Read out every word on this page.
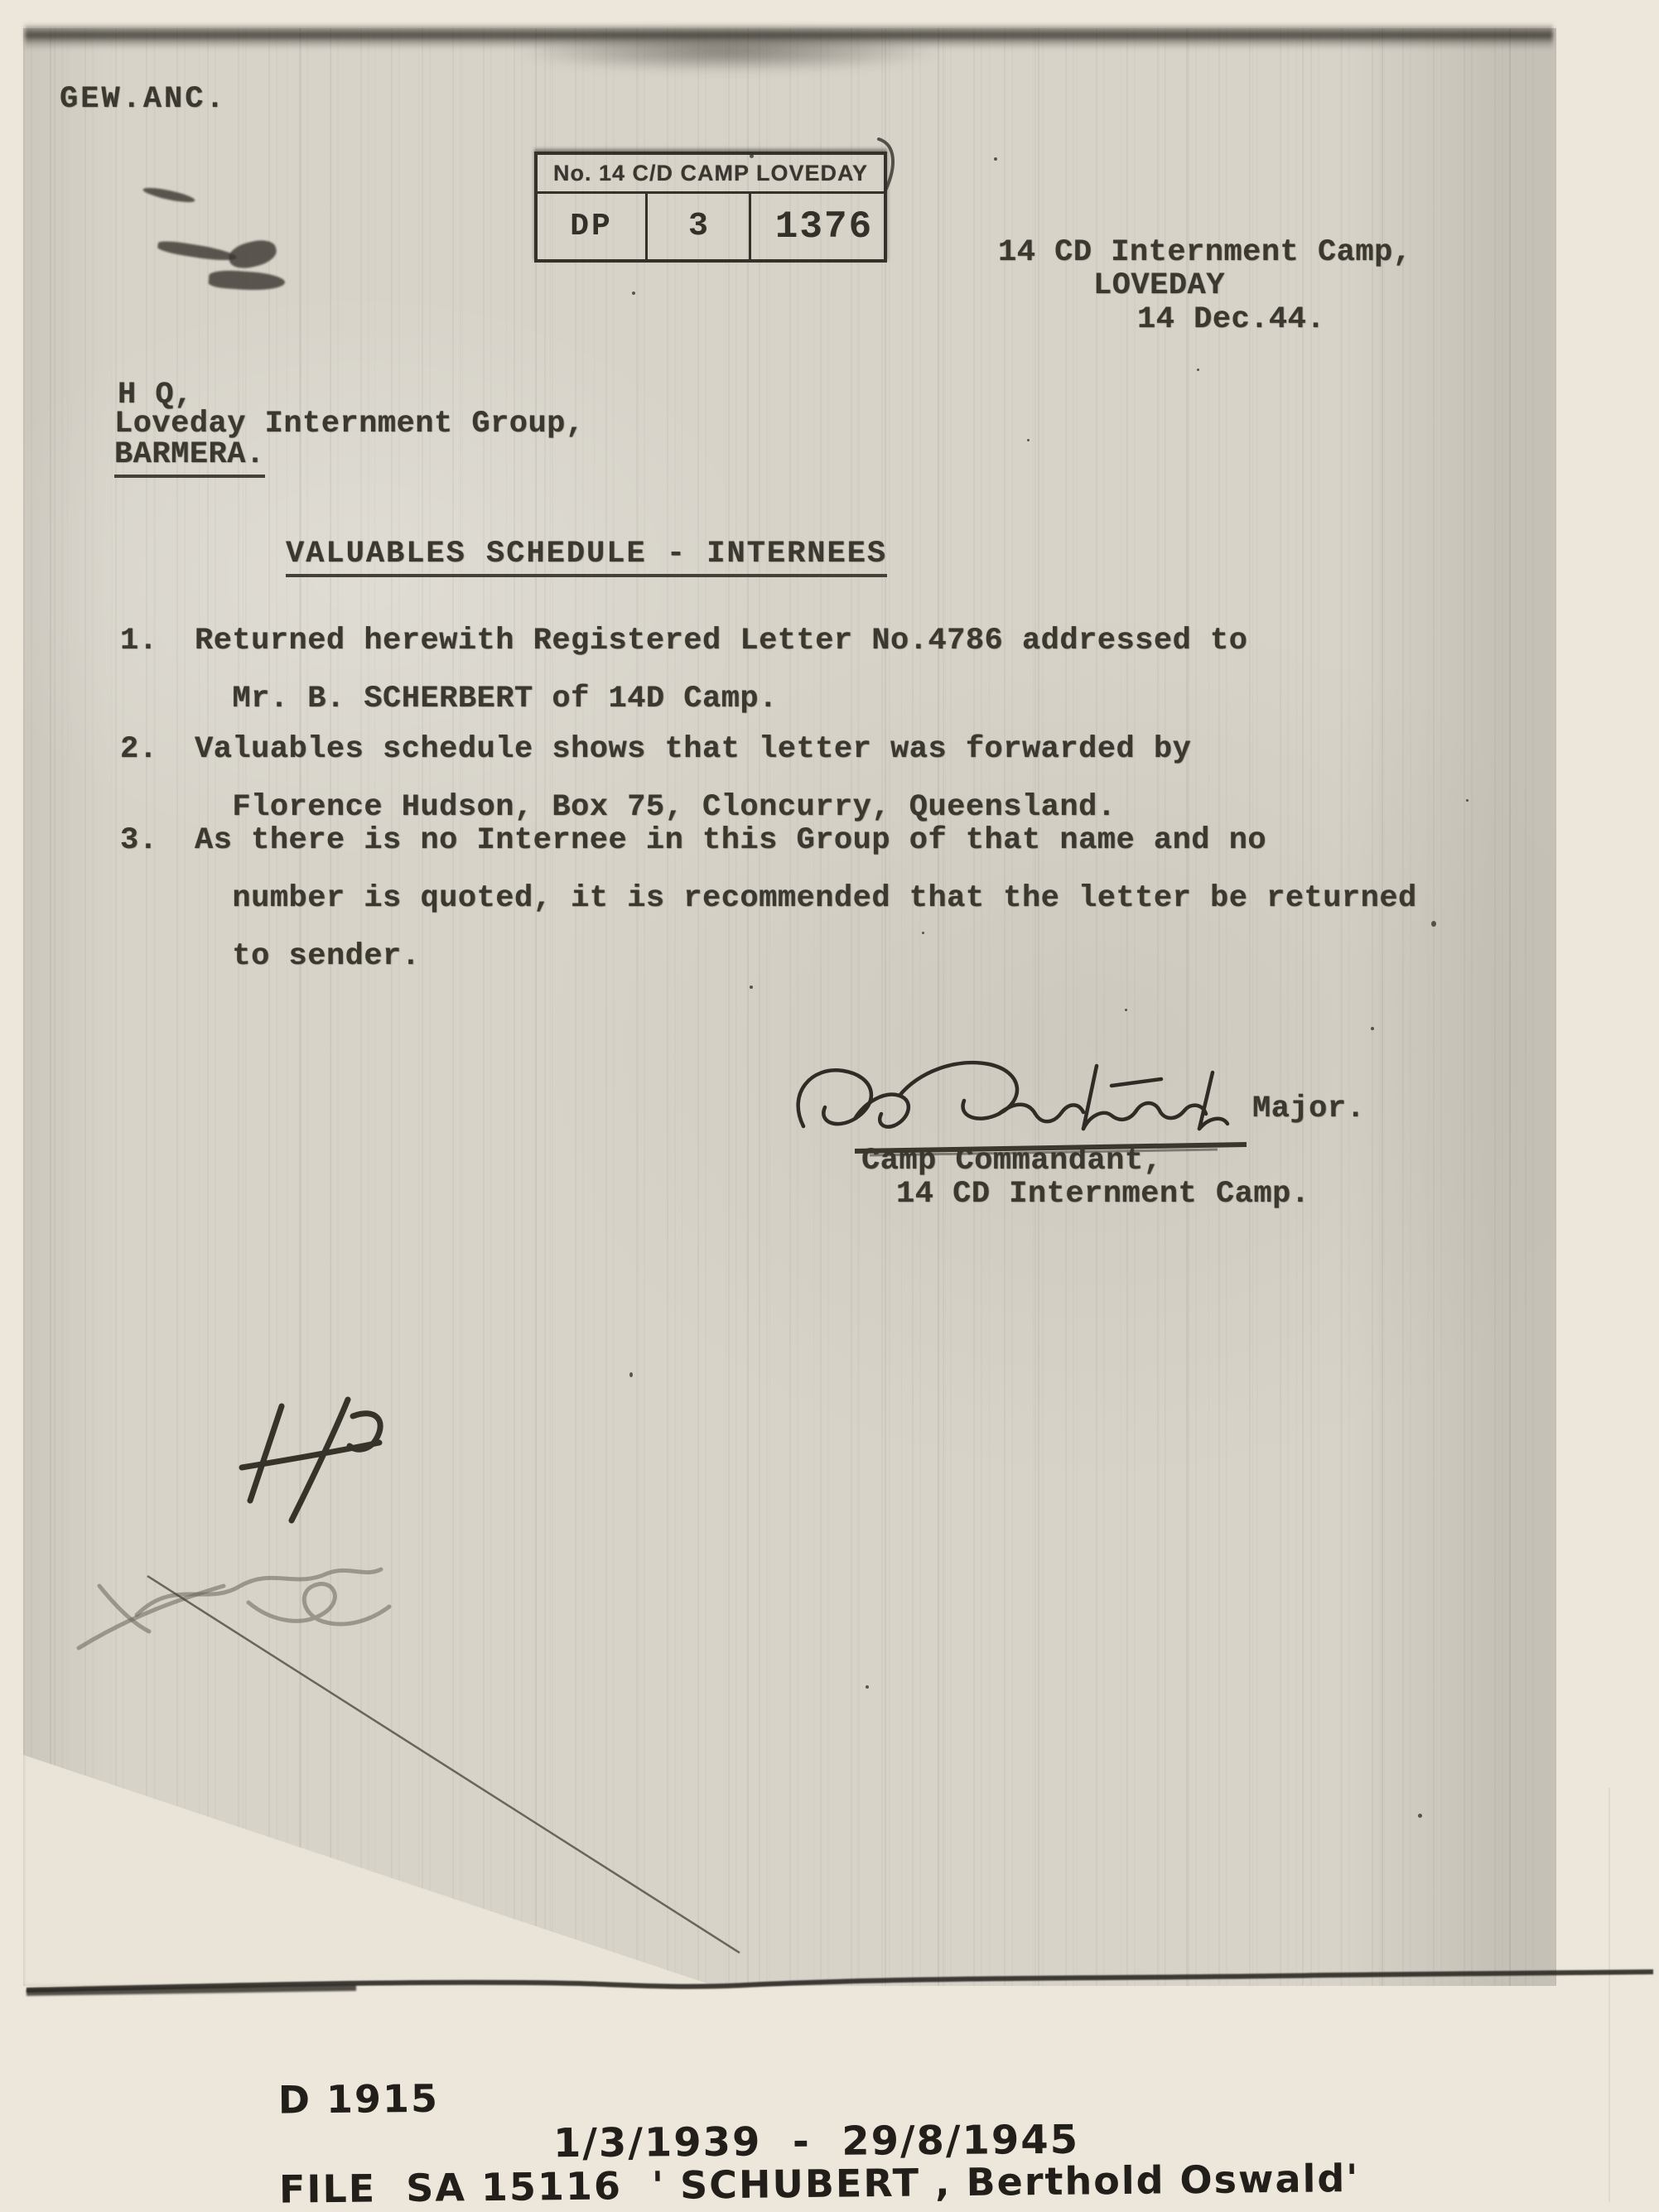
GEW.ANC.
No. 14 C/D CAMP LOVEDAY
DP	3	1376
14 CD Internment Camp,
LOVEDAY
14 Dec.44.
H Q,
Loveday Internment Group,
BARMERA.
VALUABLES SCHEDULE - INTERNEES
1.	Returned herewith Registered Letter No.4786 addressed to

Mr. B. SCHERBERT of 14D Camp.
2.	Valuables schedule shows that letter was forwarded by

Florence Hudson, Box 75, Cloncurry, Queensland.
3.	As there is no Internee in this Group of that name and no

number is quoted, it is recommended that the letter be returned

to sender.
Major.
Camp Commandant,
14 CD Internment Camp.

D 1915

FILE  SA 15116  ' SCHUBERT , Berthold Oswald'

1/3/1939  -  29/8/1945
